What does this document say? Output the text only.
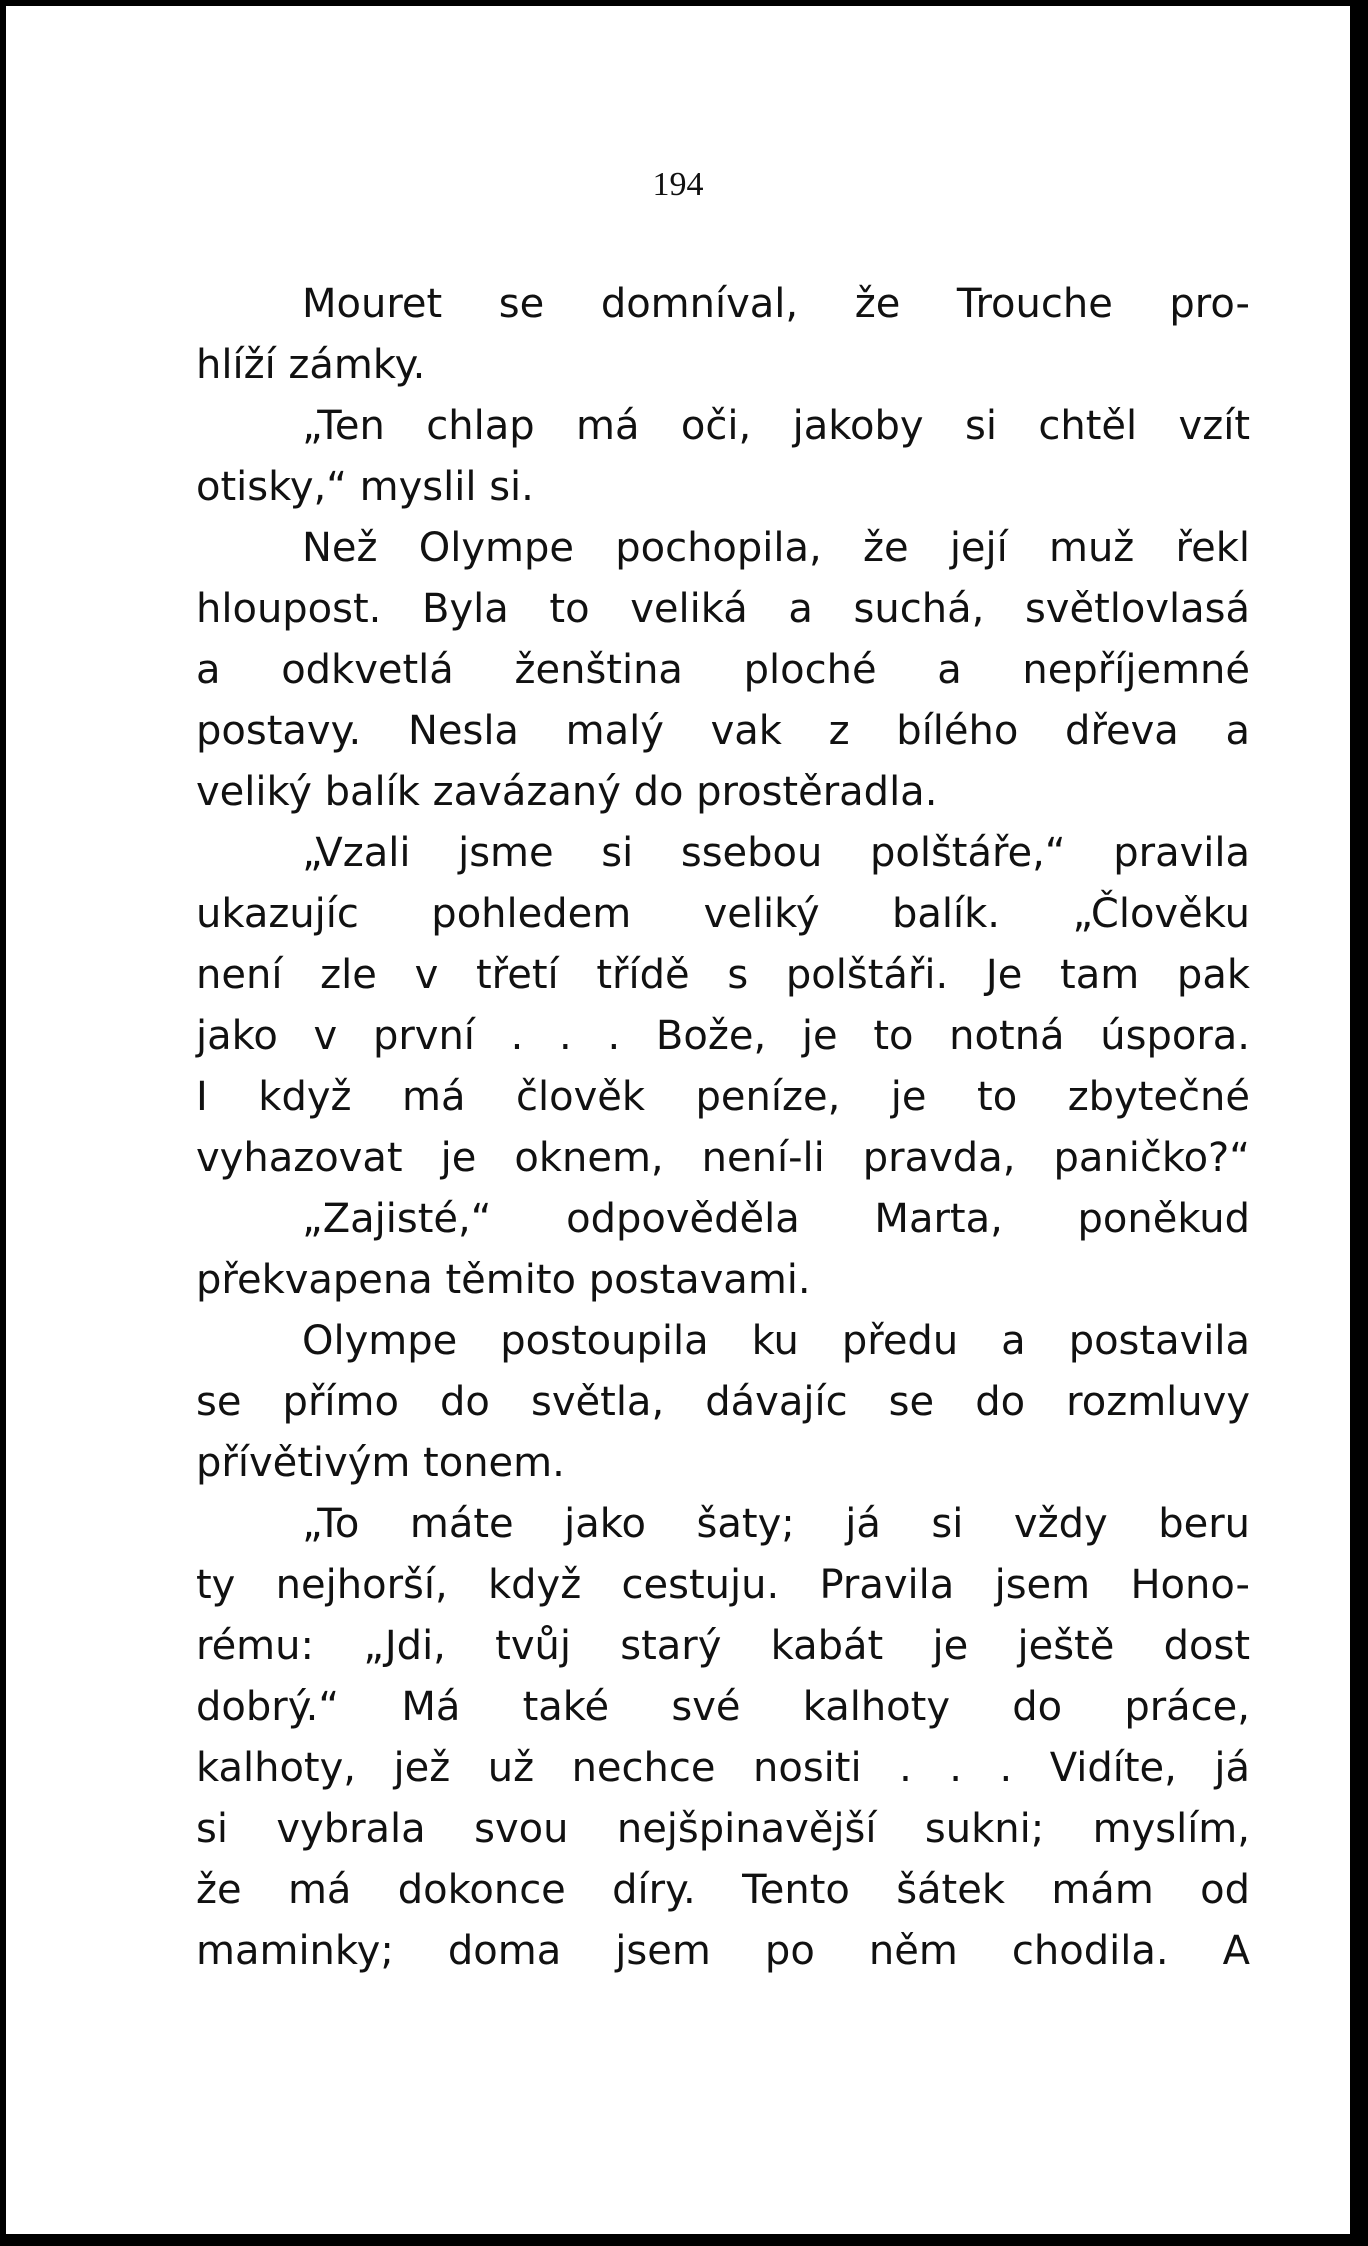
194

Mouret se domníval, že Trouche pro-
hlíží zámky.

„Ten chlap má oči, jakoby si chtěl vzít
otisky,“ myslil si.

Než Olympe pochopila, že její muž řekl
hloupost. Byla to veliká a suchá, světlovlasá
a odkvetlá ženština ploché a nepříjemné
postavy. Nesla malý vak z bílého dřeva a
veliký balík zavázaný do prostěradla.

„Vzali jsme si ssebou polštáře,“ pravila
ukazujíc pohledem veliký balík. „Člověku
není zle v třetí třídě s polštáři. Je tam pak
jako v první . . . Bože, je to notná úspora.
I když má člověk peníze, je to zbytečné
vyhazovat je oknem, není-li pravda, paničko?“

„Zajisté,“ odpověděla Marta, poněkud
překvapena těmito postavami.

Olympe postoupila ku předu a postavila
se přímo do světla, dávajíc se do rozmluvy
přívětivým tonem.

„To máte jako šaty; já si vždy beru
ty nejhorší, když cestuju. Pravila jsem Hono-
rému: „Jdi, tvůj starý kabát je ještě dost
dobrý.“ Má také své kalhoty do práce,
kalhoty, jež už nechce nositi . . . Vidíte, já
si vybrala svou nejšpinavější sukni; myslím,
že má dokonce díry. Tento šátek mám od
maminky; doma jsem po něm chodila. A
